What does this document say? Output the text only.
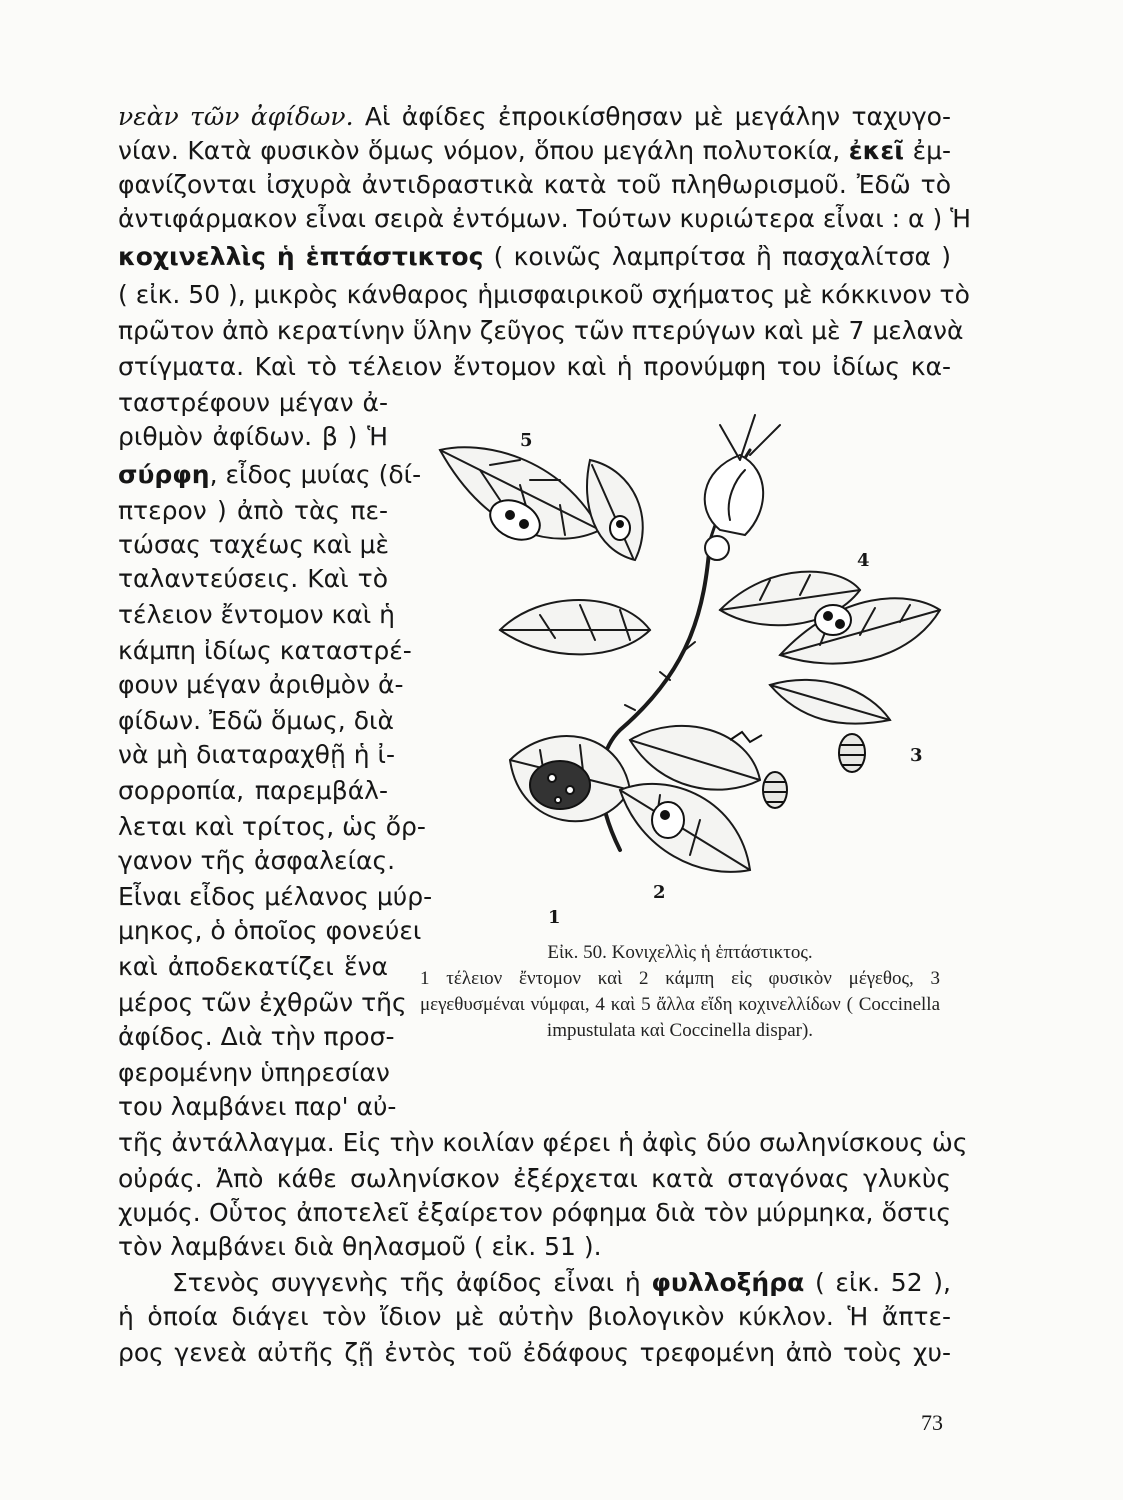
νεὰν τῶν ἀφίδων. Αἱ ἀφίδες ἐπροικίσθησαν μὲ μεγάλην ταχυγο-
νίαν. Κατὰ φυσικὸν ὅμως νόμον, ὅπου μεγάλη πολυτοκία, ἐκεῖ ἐμ-
φανίζονται ἰσχυρὰ ἀντιδραστικὰ κατὰ τοῦ πληθωρισμοῦ. Ἐδῶ τὸ
ἀντιφάρμακον εἶναι σειρὰ ἐντόμων. Τούτων κυριώτερα εἶναι : α ) Ἡ
κοχινελλὶς ἡ ἑπτάστικτος ( κοινῶς λαμπρίτσα ἢ πασχαλίτσα )
( εἰκ. 50 ), μικρὸς κάνθαρος ἡμισφαιρικοῦ σχήματος μὲ κόκκινον τὸ
πρῶτον ἀπὸ κερατίνην ὕλην ζεῦγος τῶν πτερύγων καὶ μὲ 7 μελανὰ
στίγματα. Καὶ τὸ τέλειον ἔντομον καὶ ἡ προνύμφη του ἰδίως κα-
ταστρέφουν μέγαν ἀ-
ριθμὸν ἀφίδων. β ) Ἡ
σύρφη, εἶδος μυίας (δί-
πτερον ) ἀπὸ τὰς πε-
τώσας ταχέως καὶ μὲ
ταλαντεύσεις. Καὶ τὸ
τέλειον ἔντομον καὶ ἡ
κάμπη ἰδίως καταστρέ-
φουν μέγαν ἀριθμὸν ἀ-
φίδων. Ἐδῶ ὅμως, διὰ
νὰ μὴ διαταραχθῇ ἡ ἰ-
σορροπία, παρεμβάλ-
λεται καὶ τρίτος, ὡς ὄρ-
γανον τῆς ἀσφαλείας.
Εἶναι εἶδος μέλανος μύρ-
μηκος, ὁ ὁποῖος φονεύει
καὶ ἀποδεκατίζει ἕνα
μέρος τῶν ἐχθρῶν τῆς
ἀφίδος. Διὰ τὴν προσ-
φερομένην ὑπηρεσίαν
του λαμβάνει παρ' αὐ-
τῆς ἀντάλλαγμα. Εἰς τὴν κοιλίαν φέρει ἡ ἀφὶς δύο σωληνίσκους ὡς
οὐράς. Ἀπὸ κάθε σωληνίσκον ἐξέρχεται κατὰ σταγόνας γλυκὺς
χυμός. Οὗτος ἀποτελεῖ ἐξαίρετον ρόφημα διὰ τὸν μύρμηκα, ὅστις
τὸν λαμβάνει διὰ θηλασμοῦ ( εἰκ. 51 ).
Στενὸς συγγενὴς τῆς ἀφίδος εἶναι ἡ φυλλοξήρα ( εἰκ. 52 ),
ἡ ὁποία διάγει τὸν ἴδιον μὲ αὐτὴν βιολογικὸν κύκλον. Ἡ ἄπτε-
ρος γενεὰ αὐτῆς ζῇ ἐντὸς τοῦ ἐδάφους τρεφομένη ἀπὸ τοὺς χυ-
5
4
3
2
1
Εἰκ. 50. Κονιχελλὶς ἡ ἑπτάστικτος.
1 τέλειον ἔντομον καὶ 2 κάμπη εἰς φυσικὸν μέγεθος, 3 μεγεθυσμέναι νύμφαι, 4 καὶ 5 ἄλλα εἴδη κοχινελλίδων ( Coccinella impustulata καὶ Coccinella dispar).
73
